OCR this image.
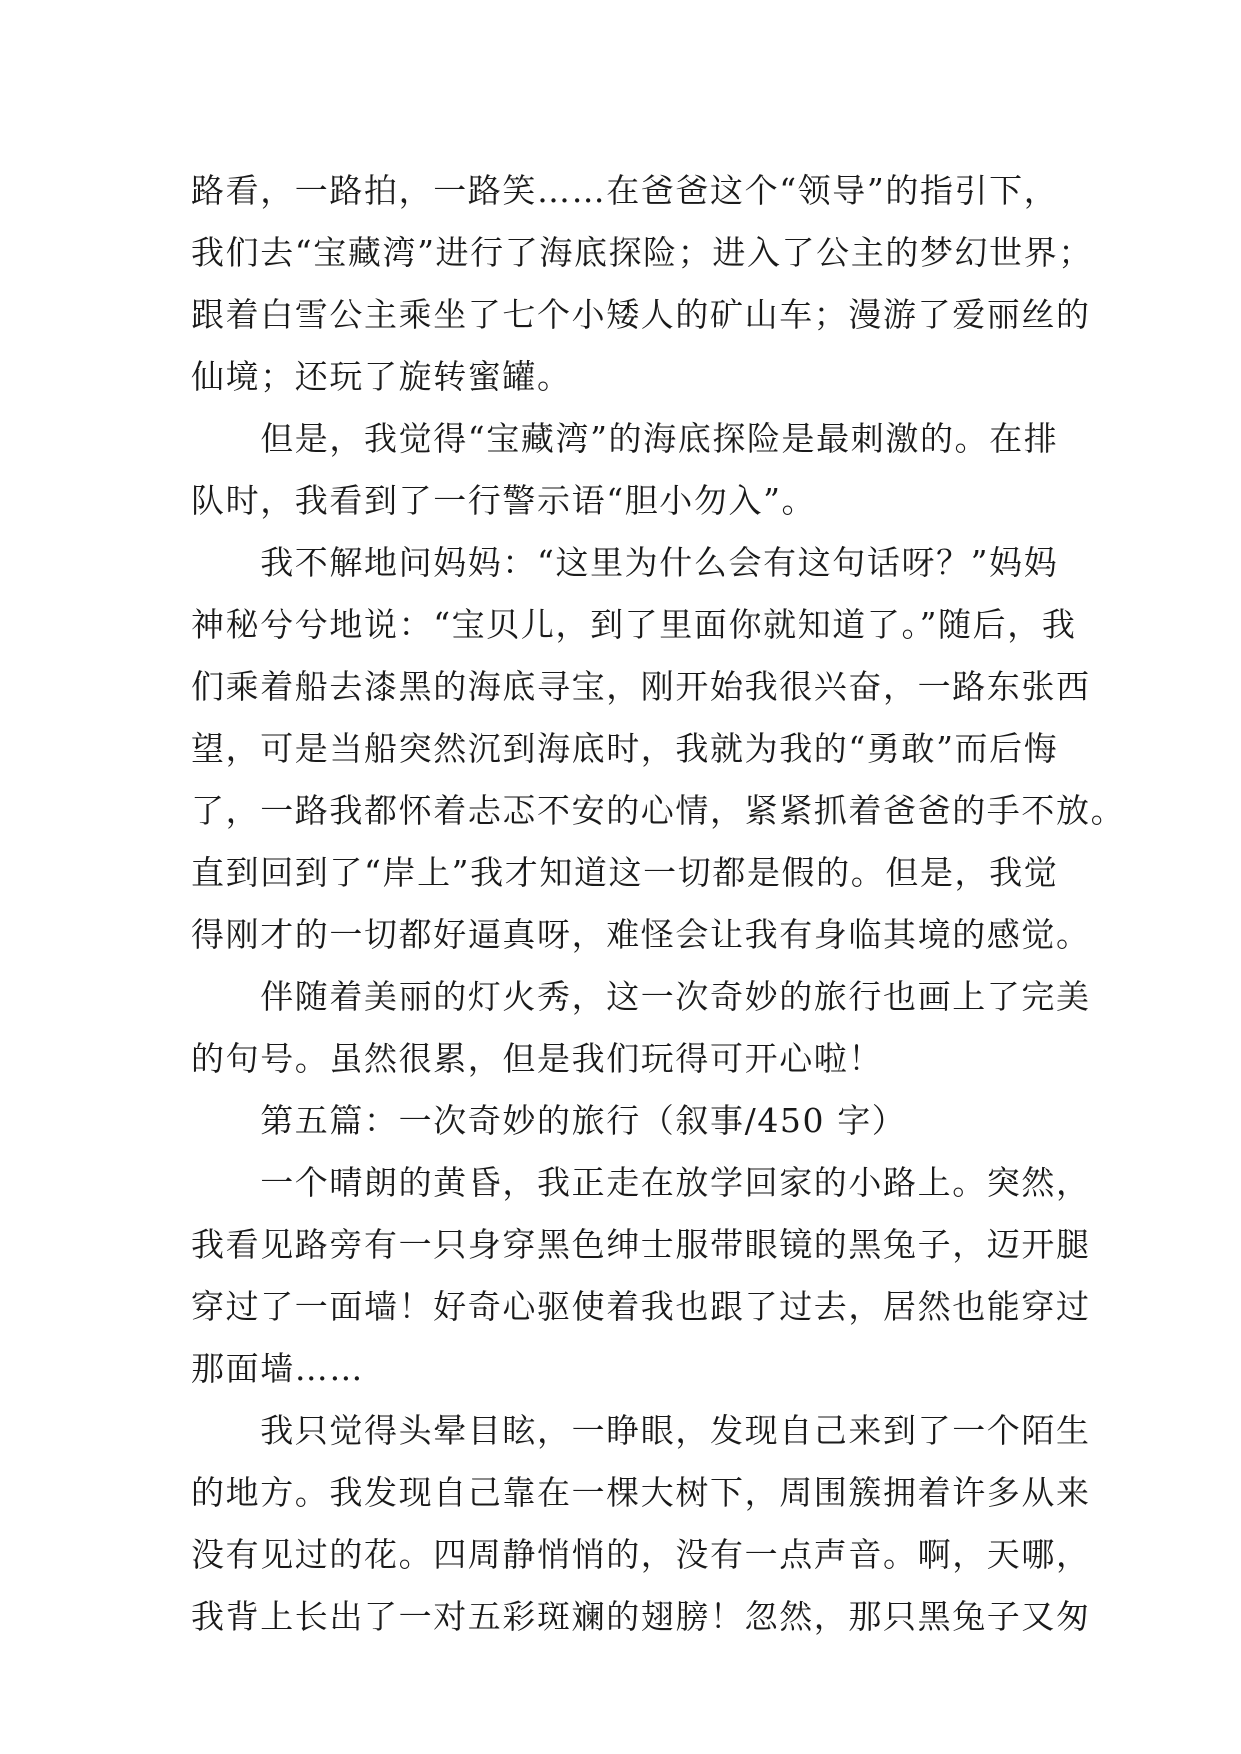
路看，一路拍，一路笑……在爸爸这个“领导”的指引下，

我们去“宝藏湾”进行了海底探险；进入了公主的梦幻世界；

跟着白雪公主乘坐了七个小矮人的矿山车；漫游了爱丽丝的

仙境；还玩了旋转蜜罐。

　　但是，我觉得“宝藏湾”的海底探险是最刺激的。在排

队时，我看到了一行警示语“胆小勿入”。

　　我不解地问妈妈：“这里为什么会有这句话呀？”妈妈

神秘兮兮地说：“宝贝儿，到了里面你就知道了。”随后，我

们乘着船去漆黑的海底寻宝，刚开始我很兴奋，一路东张西

望，可是当船突然沉到海底时，我就为我的“勇敢”而后悔

了，一路我都怀着忐忑不安的心情，紧紧抓着爸爸的手不放。

直到回到了“岸上”我才知道这一切都是假的。但是，我觉

得刚才的一切都好逼真呀，难怪会让我有身临其境的感觉。

　　伴随着美丽的灯火秀，这一次奇妙的旅行也画上了完美

的句号。虽然很累，但是我们玩得可开心啦！

　　第五篇：一次奇妙的旅行（叙事/450 字）

　　一个晴朗的黄昏，我正走在放学回家的小路上。突然，

我看见路旁有一只身穿黑色绅士服带眼镜的黑兔子，迈开腿

穿过了一面墙！好奇心驱使着我也跟了过去，居然也能穿过

那面墙……

　　我只觉得头晕目眩，一睁眼，发现自己来到了一个陌生

的地方。我发现自己靠在一棵大树下，周围簇拥着许多从来

没有见过的花。四周静悄悄的，没有一点声音。啊，天哪，

我背上长出了一对五彩斑斓的翅膀！忽然，那只黑兔子又匆
